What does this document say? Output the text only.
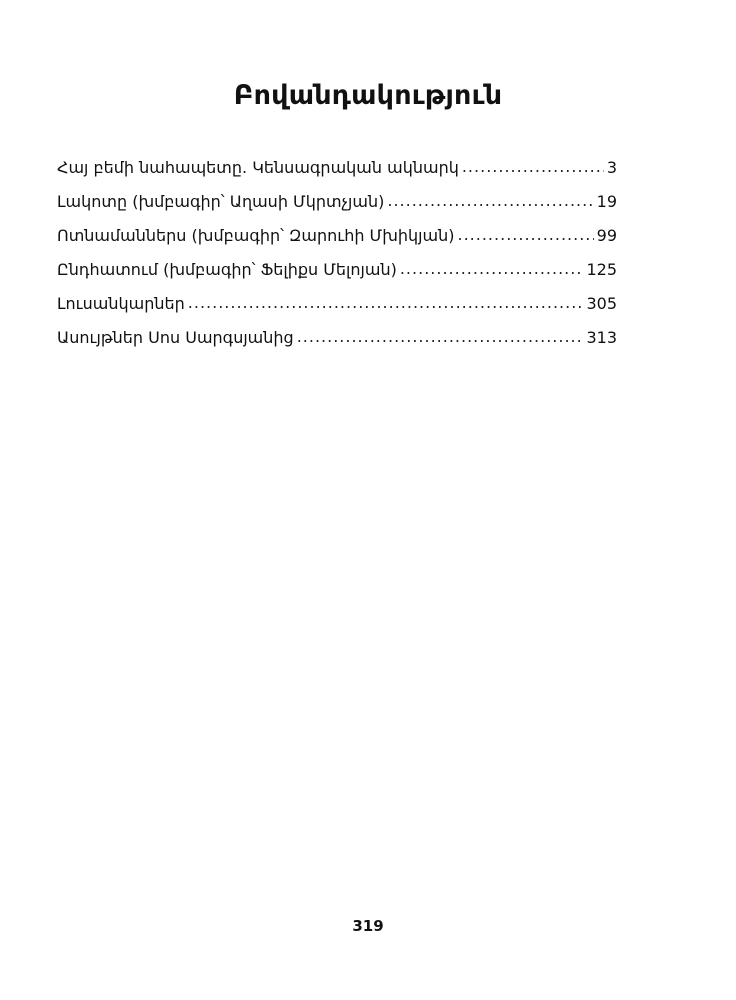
Բովանդակություն
Հայ բեմի նահապետը. Կենսագրական ակնարկ .....	3
Լակոտը (խմբագիր՝ Աղասի Մկրտչյան) .....	19
Ոտնամաններս (խմբագիր՝ Զարուհի Մխիկյան) .....	99
Ընդհատում (խմբագիր՝ Ֆելիքս Մելոյան) .....	125
Լուսանկարներ .....	305
Ասույթներ Սոս Սարգսյանից .....	313
319
